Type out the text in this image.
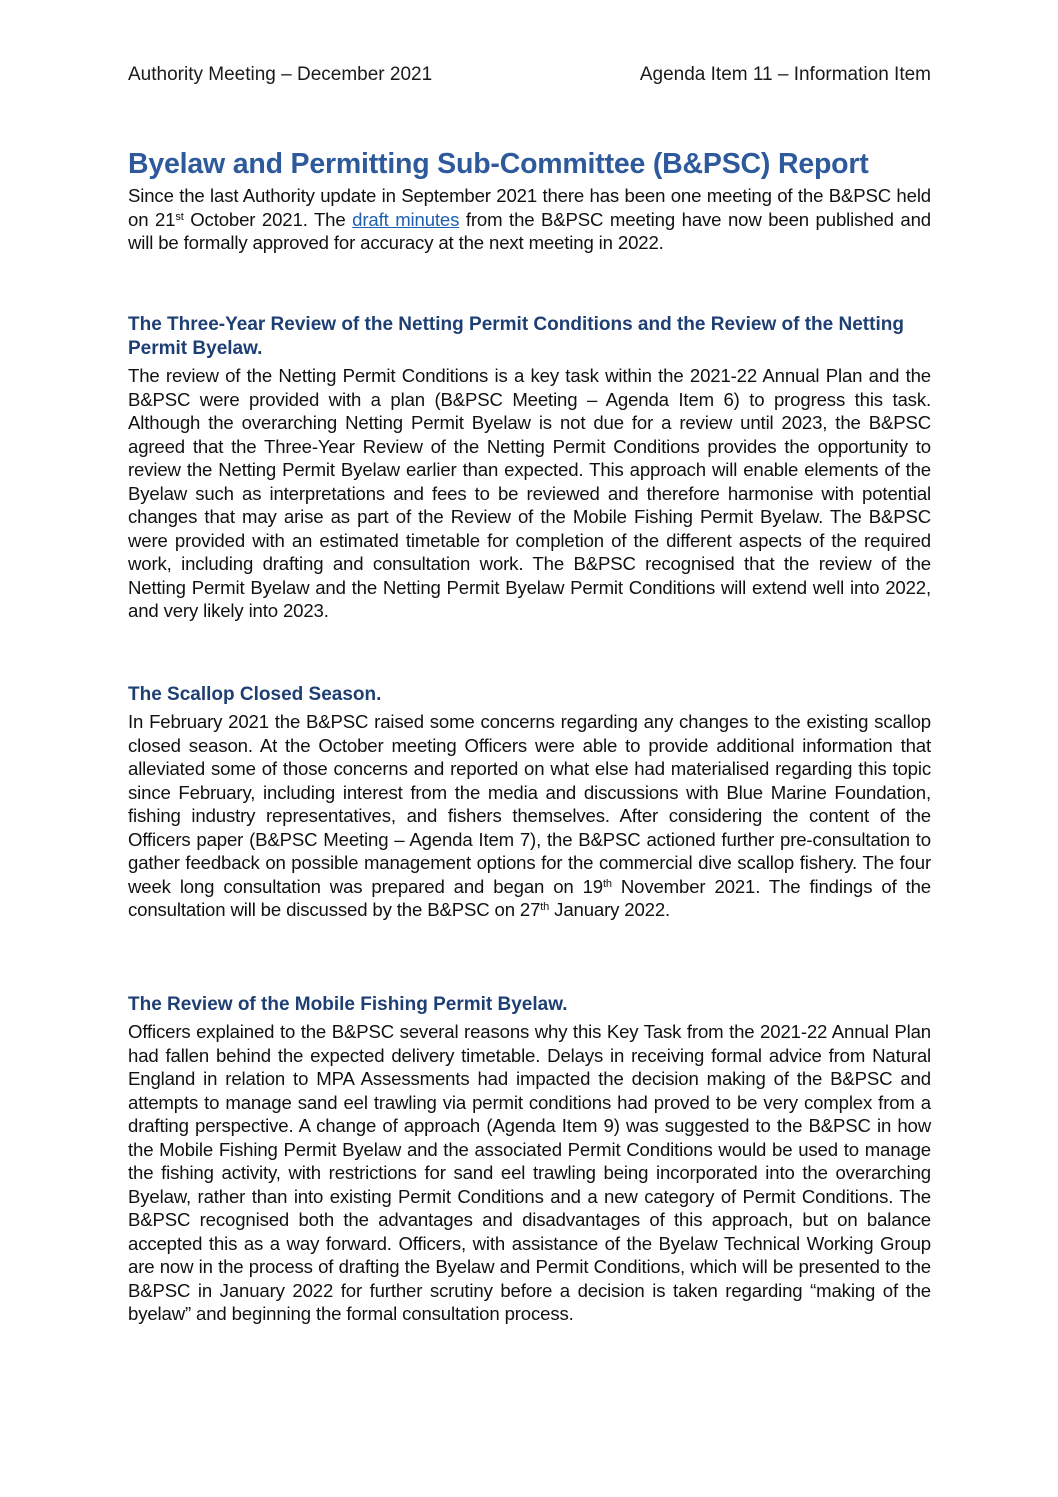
Authority Meeting – December 2021	Agenda Item 11 – Information Item
Byelaw and Permitting Sub-Committee (B&PSC) Report

Since the last Authority update in September 2021 there has been one meeting of the B&PSC held on 21st October 2021. The draft minutes from the B&PSC meeting have now been published and will be formally approved for accuracy at the next meeting in 2022.

The Three-Year Review of the Netting Permit Conditions and the Review of the Netting Permit Byelaw.

The review of the Netting Permit Conditions is a key task within the 2021-22 Annual Plan and the B&PSC were provided with a plan (B&PSC Meeting – Agenda Item 6) to progress this task. Although the overarching Netting Permit Byelaw is not due for a review until 2023, the B&PSC agreed that the Three-Year Review of the Netting Permit Conditions provides the opportunity to review the Netting Permit Byelaw earlier than expected. This approach will enable elements of the Byelaw such as interpretations and fees to be reviewed and therefore harmonise with potential changes that may arise as part of the Review of the Mobile Fishing Permit Byelaw. The B&PSC were provided with an estimated timetable for completion of the different aspects of the required work, including drafting and consultation work. The B&PSC recognised that the review of the Netting Permit Byelaw and the Netting Permit Byelaw Permit Conditions will extend well into 2022, and very likely into 2023.

The Scallop Closed Season.

In February 2021 the B&PSC raised some concerns regarding any changes to the existing scallop closed season. At the October meeting Officers were able to provide additional information that alleviated some of those concerns and reported on what else had materialised regarding this topic since February, including interest from the media and discussions with Blue Marine Foundation, fishing industry representatives, and fishers themselves. After considering the content of the Officers paper (B&PSC Meeting – Agenda Item 7), the B&PSC actioned further pre-consultation to gather feedback on possible management options for the commercial dive scallop fishery. The four week long consultation was prepared and began on 19th November 2021. The findings of the consultation will be discussed by the B&PSC on 27th January 2022.

The Review of the Mobile Fishing Permit Byelaw.

Officers explained to the B&PSC several reasons why this Key Task from the 2021-22 Annual Plan had fallen behind the expected delivery timetable. Delays in receiving formal advice from Natural England in relation to MPA Assessments had impacted the decision making of the B&PSC and attempts to manage sand eel trawling via permit conditions had proved to be very complex from a drafting perspective. A change of approach (Agenda Item 9) was suggested to the B&PSC in how the Mobile Fishing Permit Byelaw and the associated Permit Conditions would be used to manage the fishing activity, with restrictions for sand eel trawling being incorporated into the overarching Byelaw, rather than into existing Permit Conditions and a new category of Permit Conditions. The B&PSC recognised both the advantages and disadvantages of this approach, but on balance accepted this as a way forward. Officers, with assistance of the Byelaw Technical Working Group are now in the process of drafting the Byelaw and Permit Conditions, which will be presented to the B&PSC in January 2022 for further scrutiny before a decision is taken regarding “making of the byelaw” and beginning the formal consultation process.
